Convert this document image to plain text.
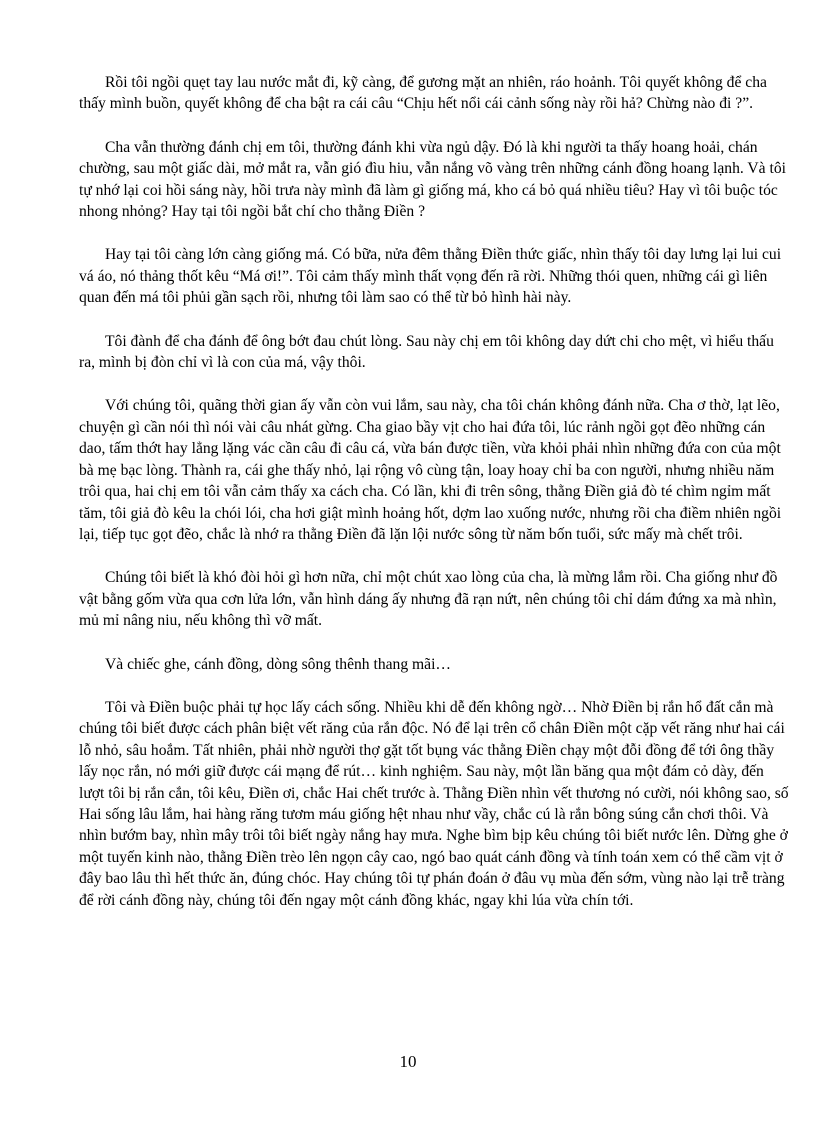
Rồi tôi ngồi quẹt tay lau nước mắt đi, kỹ càng, để gương mặt an nhiên, ráo hoảnh. Tôi quyết không để cha thấy mình buồn, quyết không để cha bật ra cái câu “Chịu hết nổi cái cảnh sống này rồi hả? Chừng nào đi ?”.

Cha vẫn thường đánh chị em tôi, thường đánh khi vừa ngủ dậy. Đó là khi người ta thấy hoang hoải, chán chường, sau một giấc dài, mở mắt ra, vẫn gió đìu hiu, vẫn nắng võ vàng trên những cánh đồng hoang lạnh. Và tôi tự nhớ lại coi hồi sáng này, hồi trưa này mình đã làm gì giống má, kho cá bỏ quá nhiều tiêu? Hay vì tôi buộc tóc nhong nhỏng? Hay tại tôi ngồi bắt chí cho thằng Điền ?

Hay tại tôi càng lớn càng giống má. Có bữa, nửa đêm thằng Điền thức giấc, nhìn thấy tôi day lưng lại lui cui vá áo, nó thảng thốt kêu “Má ơi!”. Tôi cảm thấy mình thất vọng đến rã rời. Những thói quen, những cái gì liên quan đến má tôi phủi gần sạch rồi, nhưng tôi làm sao có thể từ bỏ hình hài này.

Tôi đành để cha đánh để ông bớt đau chút lòng. Sau này chị em tôi không day dứt chi cho mệt, vì hiểu thấu ra, mình bị đòn chỉ vì là con của má, vậy thôi.

Với chúng tôi, quãng thời gian ấy vẫn còn vui lắm, sau này, cha tôi chán không đánh nữa. Cha ơ thờ, lạt lẽo, chuyện gì cần nói thì nói vài câu nhát gừng. Cha giao bầy vịt cho hai đứa tôi, lúc rảnh ngồi gọt đẽo những cán dao, tấm thớt hay lẳng lặng vác cần câu đi câu cá, vừa bán được tiền, vừa khỏi phải nhìn những đứa con của một bà mẹ bạc lòng. Thành ra, cái ghe thấy nhỏ, lại rộng vô cùng tận, loay hoay chỉ ba con người, nhưng nhiều năm trôi qua, hai chị em tôi vẫn cảm thấy xa cách cha. Có lần, khi đi trên sông, thằng Điền giả đò té chìm ngỉm mất tăm, tôi giả đò kêu la chói lói, cha hơi giật mình hoảng hốt, dợm lao xuống nước, nhưng rồi cha điềm nhiên ngồi lại, tiếp tục gọt đẽo, chắc là nhớ ra thằng Điền đã lặn lội nước sông từ năm bốn tuổi, sức mấy mà chết trôi.

Chúng tôi biết là khó đòi hỏi gì hơn nữa, chỉ một chút xao lòng của cha, là mừng lắm rồi. Cha giống như đồ vật bằng gốm vừa qua cơn lửa lớn, vẫn hình dáng ấy nhưng đã rạn nứt, nên chúng tôi chỉ dám đứng xa mà nhìn, mủ mỉ nâng niu, nếu không thì vỡ mất.

Và chiếc ghe, cánh đồng, dòng sông thênh thang mãi…

Tôi và Điền buộc phải tự học lấy cách sống. Nhiều khi dễ đến không ngờ… Nhờ Điền bị rắn hổ đất cắn mà chúng tôi biết được cách phân biệt vết răng của rắn độc. Nó để lại trên cổ chân Điền một cặp vết răng như hai cái lỗ nhỏ, sâu hoắm. Tất nhiên, phải nhờ người thợ gặt tốt bụng vác thằng Điền chạy một đỗi đồng để tới ông thầy lấy nọc rắn, nó mới giữ được cái mạng để rút… kinh nghiệm. Sau này, một lần băng qua một đám cỏ dày, đến lượt tôi bị rắn cắn, tôi kêu, Điền ơi, chắc Hai chết trước à. Thằng Điền nhìn vết thương nó cười, nói không sao, số Hai sống lâu lắm, hai hàng răng tươm máu giống hệt nhau như vầy, chắc cú là rắn bông súng cắn chơi thôi. Và nhìn bướm bay, nhìn mây trôi tôi biết ngày nắng hay mưa. Nghe bìm bịp kêu chúng tôi biết nước lên. Dừng ghe ở một tuyến kinh nào, thằng Điền trèo lên ngọn cây cao, ngó bao quát cánh đồng và tính toán xem có thể cầm vịt ở đây bao lâu thì hết thức ăn, đúng chóc. Hay chúng tôi tự phán đoán ở đâu vụ mùa đến sớm, vùng nào lại trễ tràng để rời cánh đồng này, chúng tôi đến ngay một cánh đồng khác, ngay khi lúa vừa chín tới.

10
